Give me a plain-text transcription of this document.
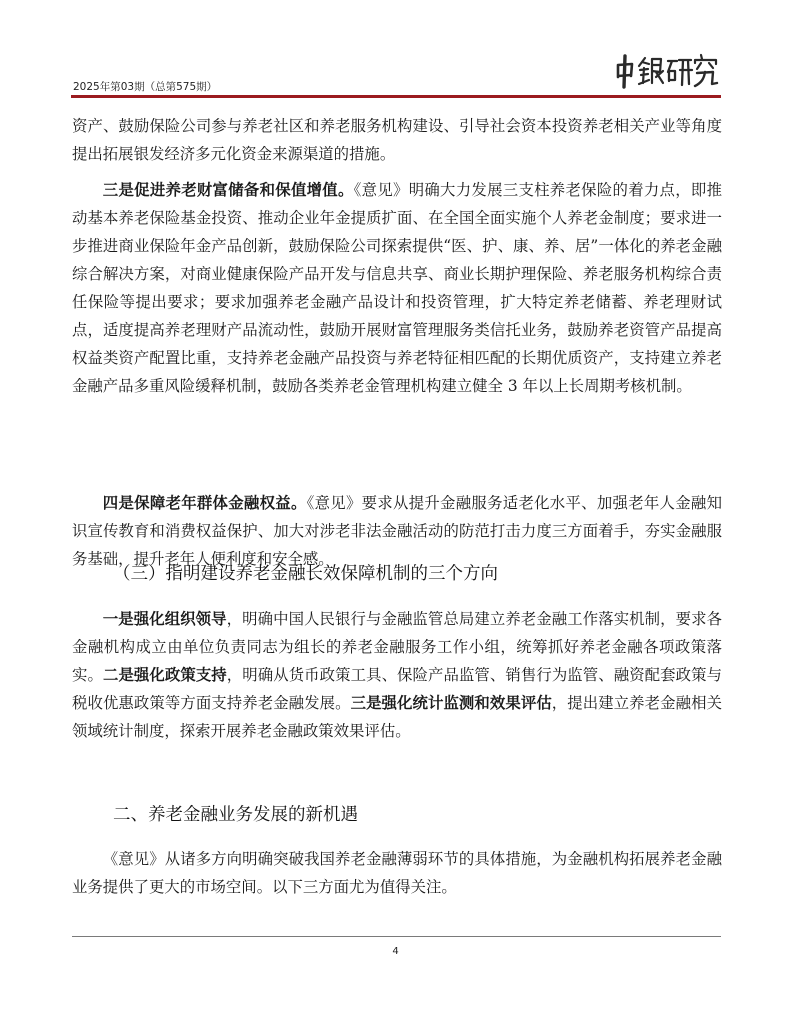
2025年第03期（总第575期）
中銀研究

资产、鼓励保险公司参与养老社区和养老服务机构建设、引导社会资本投资养老相关产业等角度提出拓展银发经济多元化资金来源渠道的措施。

三是促进养老财富储备和保值增值。《意见》明确大力发展三支柱养老保险的着力点，即推动基本养老保险基金投资、推动企业年金提质扩面、在全国全面实施个人养老金制度；要求进一步推进商业保险年金产品创新，鼓励保险公司探索提供“医、护、康、养、居”一体化的养老金融综合解决方案，对商业健康保险产品开发与信息共享、商业长期护理保险、养老服务机构综合责任保险等提出要求；要求加强养老金融产品设计和投资管理，扩大特定养老储蓄、养老理财试点，适度提高养老理财产品流动性，鼓励开展财富管理服务类信托业务，鼓励养老资管产品提高权益类资产配置比重，支持养老金融产品投资与养老特征相匹配的长期优质资产，支持建立养老金融产品多重风险缓释机制，鼓励各类养老金管理机构建立健全 3 年以上长周期考核机制。

四是保障老年群体金融权益。《意见》要求从提升金融服务适老化水平、加强老年人金融知识宣传教育和消费权益保护、加大对涉老非法金融活动的防范打击力度三方面着手，夯实金融服务基础，提升老年人便利度和安全感。

（三）指明建设养老金融长效保障机制的三个方向

一是强化组织领导，明确中国人民银行与金融监管总局建立养老金融工作落实机制，要求各金融机构成立由单位负责同志为组长的养老金融服务工作小组，统筹抓好养老金融各项政策落实。二是强化政策支持，明确从货币政策工具、保险产品监管、销售行为监管、融资配套政策与税收优惠政策等方面支持养老金融发展。三是强化统计监测和效果评估，提出建立养老金融相关领域统计制度，探索开展养老金融政策效果评估。

二、养老金融业务发展的新机遇

《意见》从诸多方向明确突破我国养老金融薄弱环节的具体措施，为金融机构拓展养老金融业务提供了更大的市场空间。以下三方面尤为值得关注。

4
